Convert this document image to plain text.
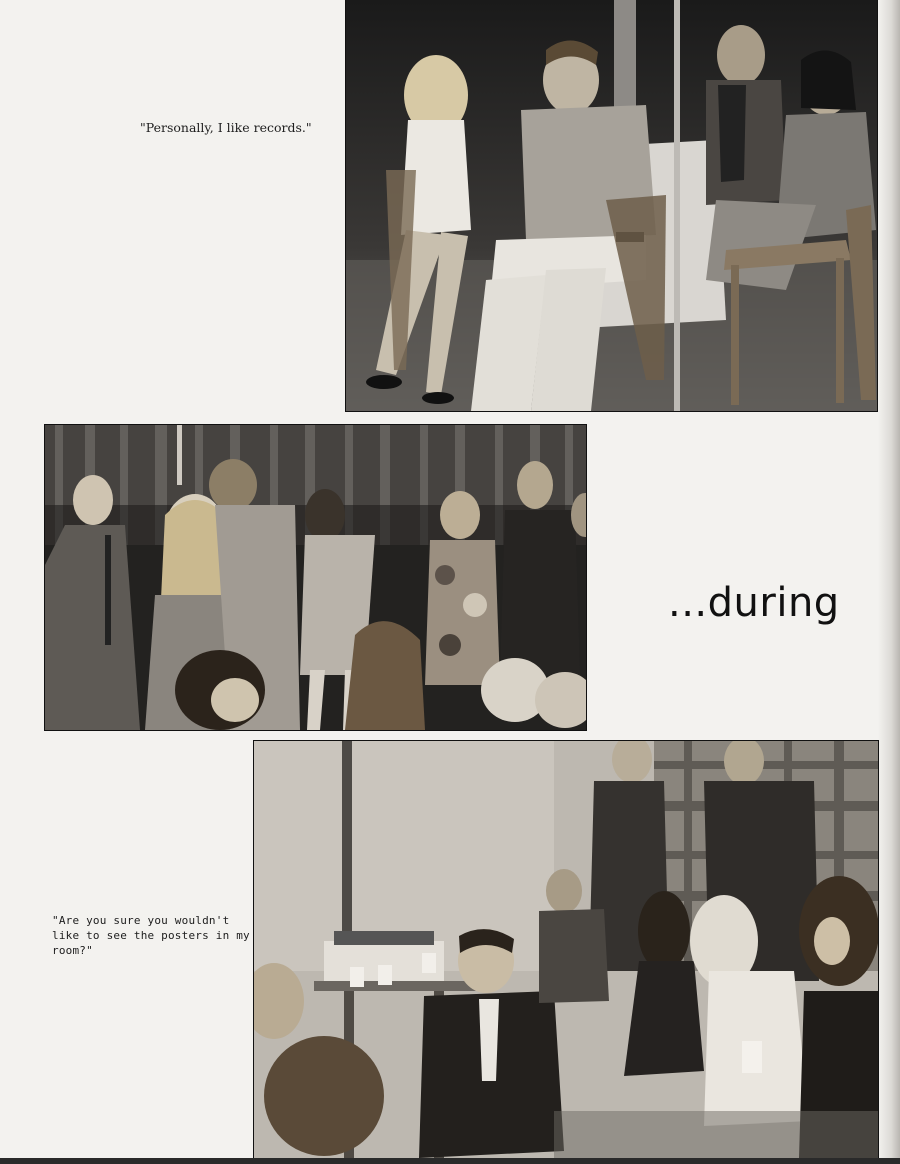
"Personally, I like records."
...during
"Are you sure you wouldn't like to see the posters in my room?"
